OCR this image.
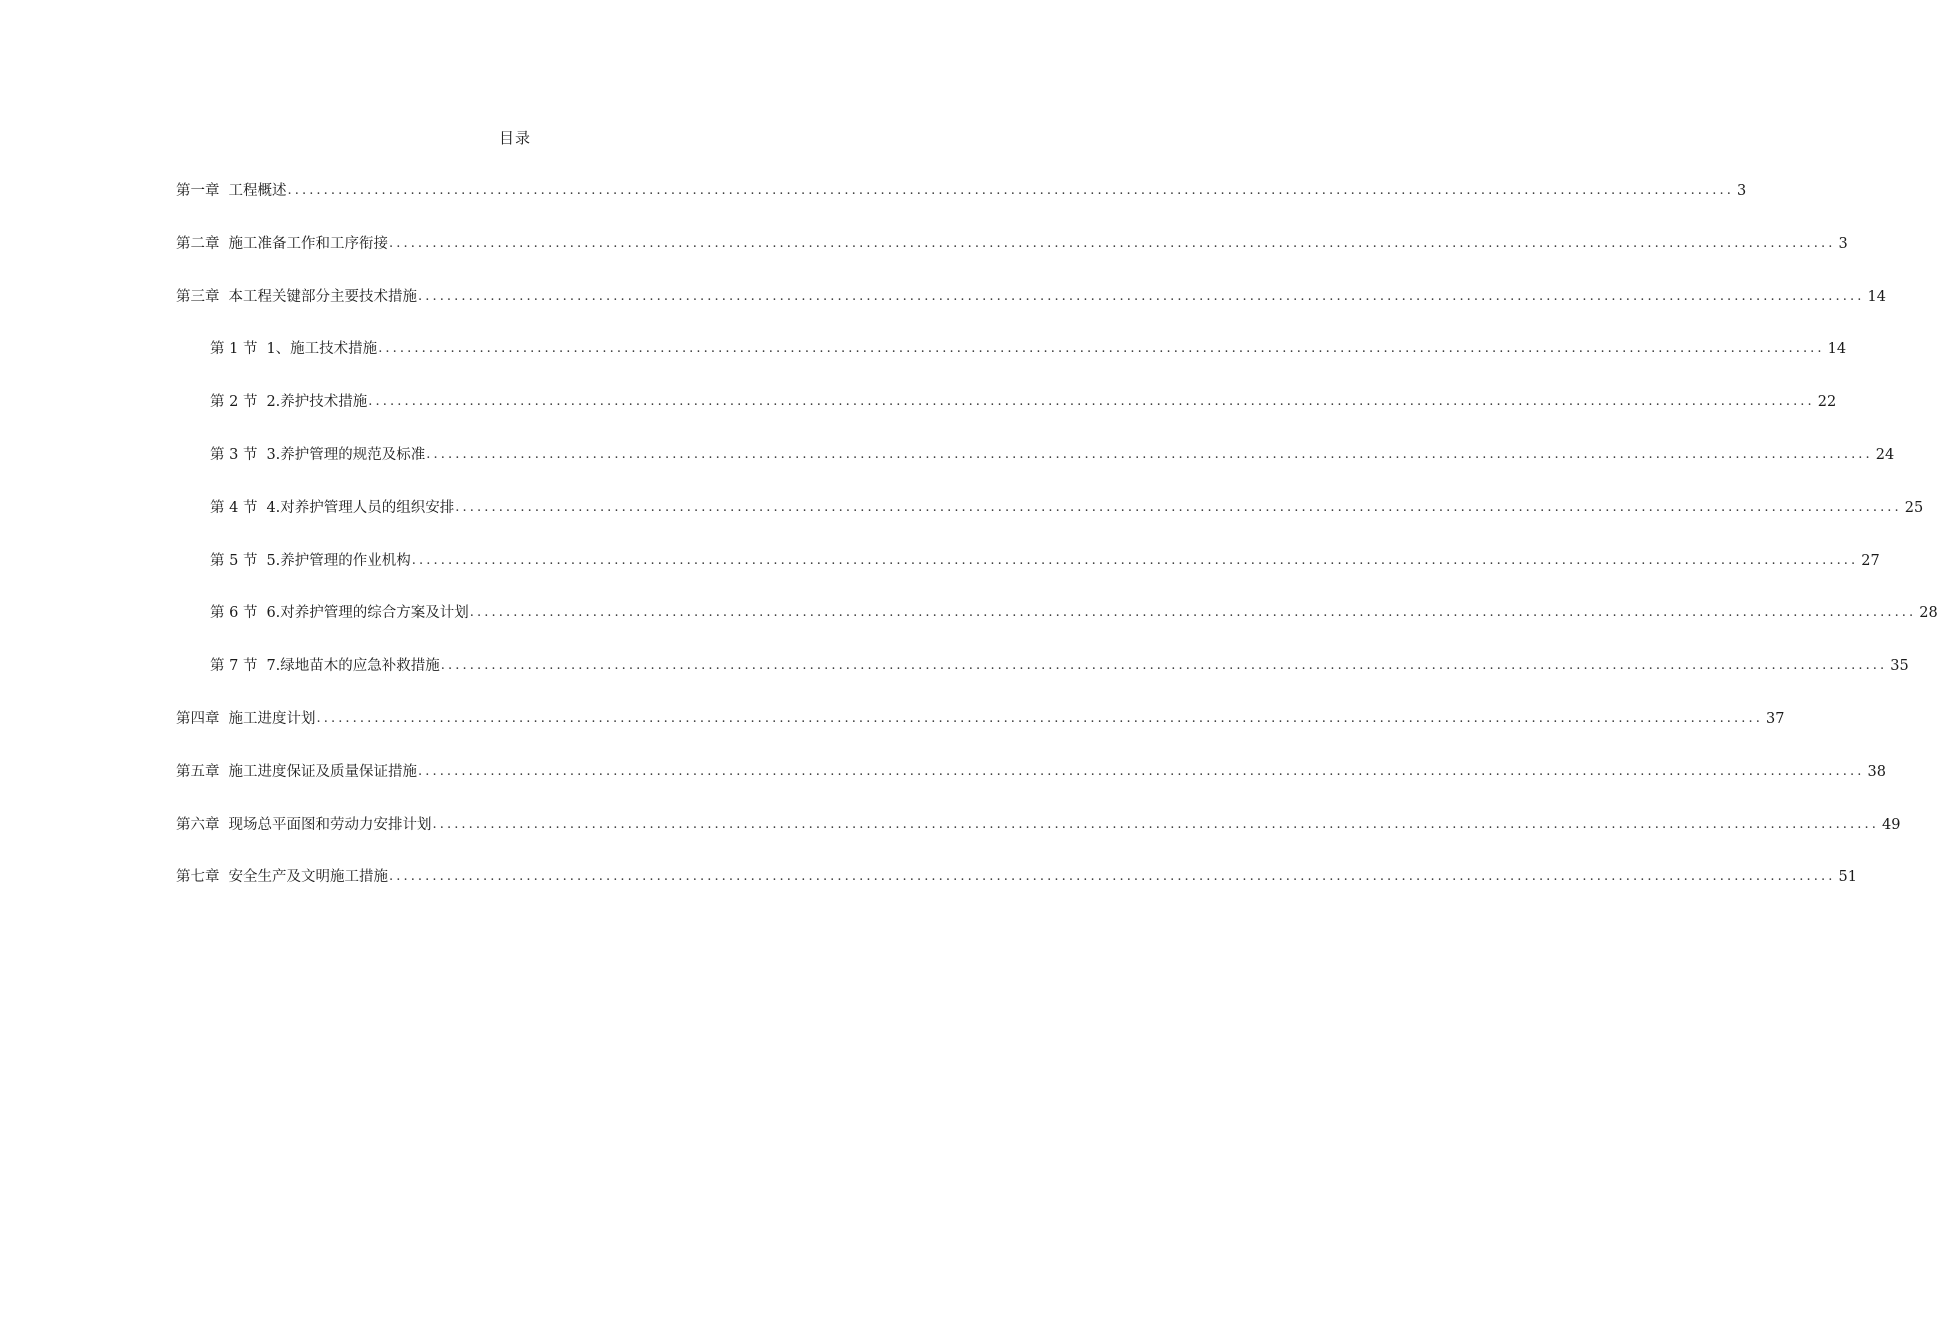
目录
第一章 工程概述 ........................................................................................................................................................................................................ 3
第二章 施工准备工作和工序衔接 ........................................................................................................................................................................................................ 3
第三章 本工程关键部分主要技术措施 ........................................................................................................................................................................................................ 14
第 1 节 1、施工技术措施 ........................................................................................................................................................................................................ 14
第 2 节 2.养护技术措施 ........................................................................................................................................................................................................ 22
第 3 节 3.养护管理的规范及标准 ........................................................................................................................................................................................................ 24
第 4 节 4.对养护管理人员的组织安排 ........................................................................................................................................................................................................ 25
第 5 节 5.养护管理的作业机构 ........................................................................................................................................................................................................ 27
第 6 节 6.对养护管理的综合方案及计划 ........................................................................................................................................................................................................ 28
第 7 节 7.绿地苗木的应急补救措施 ........................................................................................................................................................................................................ 35
第四章 施工进度计划 ........................................................................................................................................................................................................ 37
第五章 施工进度保证及质量保证措施 ........................................................................................................................................................................................................ 38
第六章 现场总平面图和劳动力安排计划 ........................................................................................................................................................................................................ 49
第七章 安全生产及文明施工措施 ........................................................................................................................................................................................................ 51
